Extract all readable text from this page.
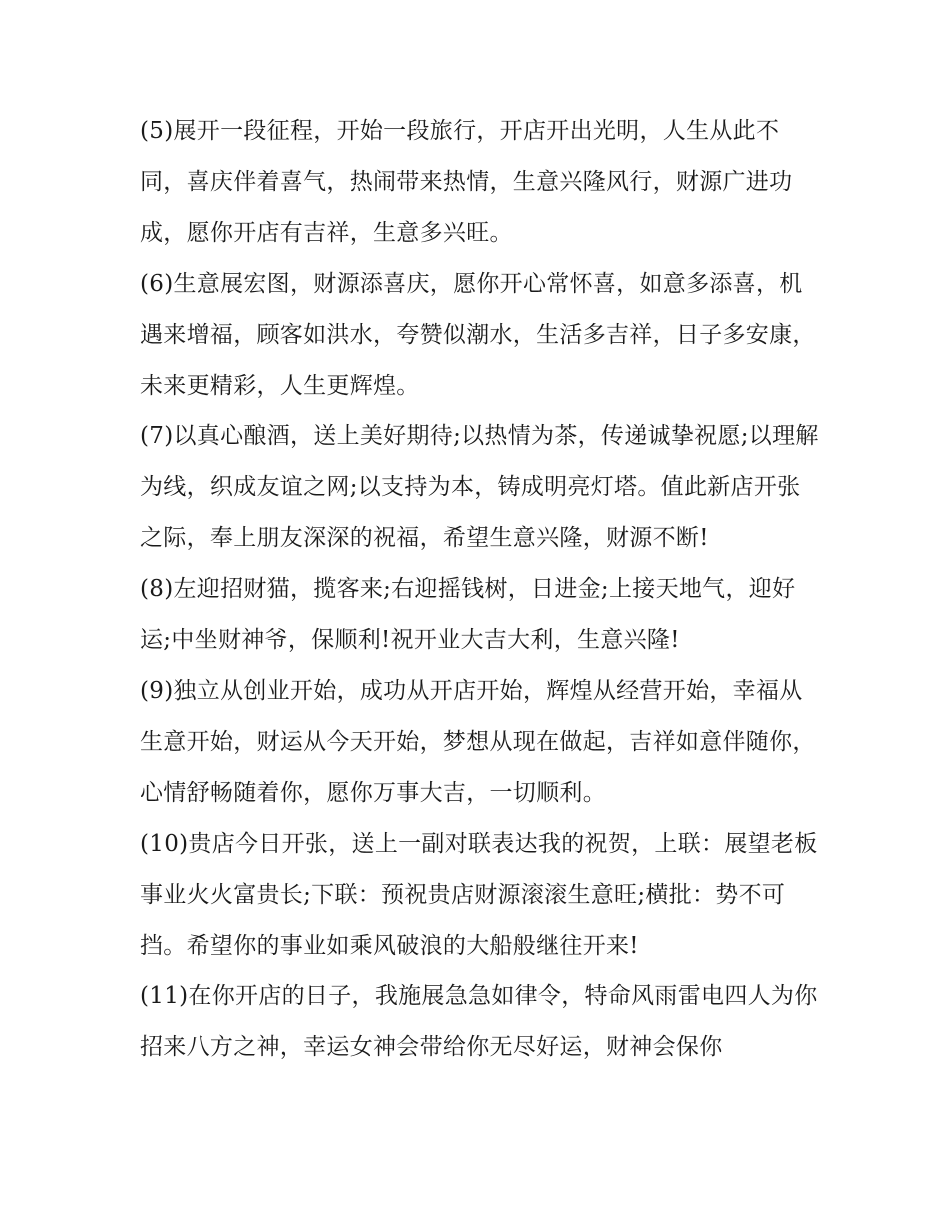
(5)展开一段征程，开始一段旅行，开店开出光明，人生从此不同，喜庆伴着喜气，热闹带来热情，生意兴隆风行，财源广进功成，愿你开店有吉祥，生意多兴旺。

(6)生意展宏图，财源添喜庆，愿你开心常怀喜，如意多添喜，机遇来增福，顾客如洪水，夸赞似潮水，生活多吉祥，日子多安康，未来更精彩，人生更辉煌。

(7)以真心酿酒，送上美好期待;以热情为茶，传递诚挚祝愿;以理解为线，织成友谊之网;以支持为本，铸成明亮灯塔。值此新店开张之际，奉上朋友深深的祝福，希望生意兴隆，财源不断!

(8)左迎招财猫，揽客来;右迎摇钱树，日进金;上接天地气，迎好运;中坐财神爷，保顺利!祝开业大吉大利，生意兴隆!

(9)独立从创业开始，成功从开店开始，辉煌从经营开始，幸福从生意开始，财运从今天开始，梦想从现在做起，吉祥如意伴随你，心情舒畅随着你，愿你万事大吉，一切顺利。

(10)贵店今日开张，送上一副对联表达我的祝贺，上联：展望老板事业火火富贵长;下联：预祝贵店财源滚滚生意旺;横批：势不可挡。希望你的事业如乘风破浪的大船般继往开来!

(11)在你开店的日子，我施展急急如律令，特命风雨雷电四人为你招来八方之神，幸运女神会带给你无尽好运，财神会保你
